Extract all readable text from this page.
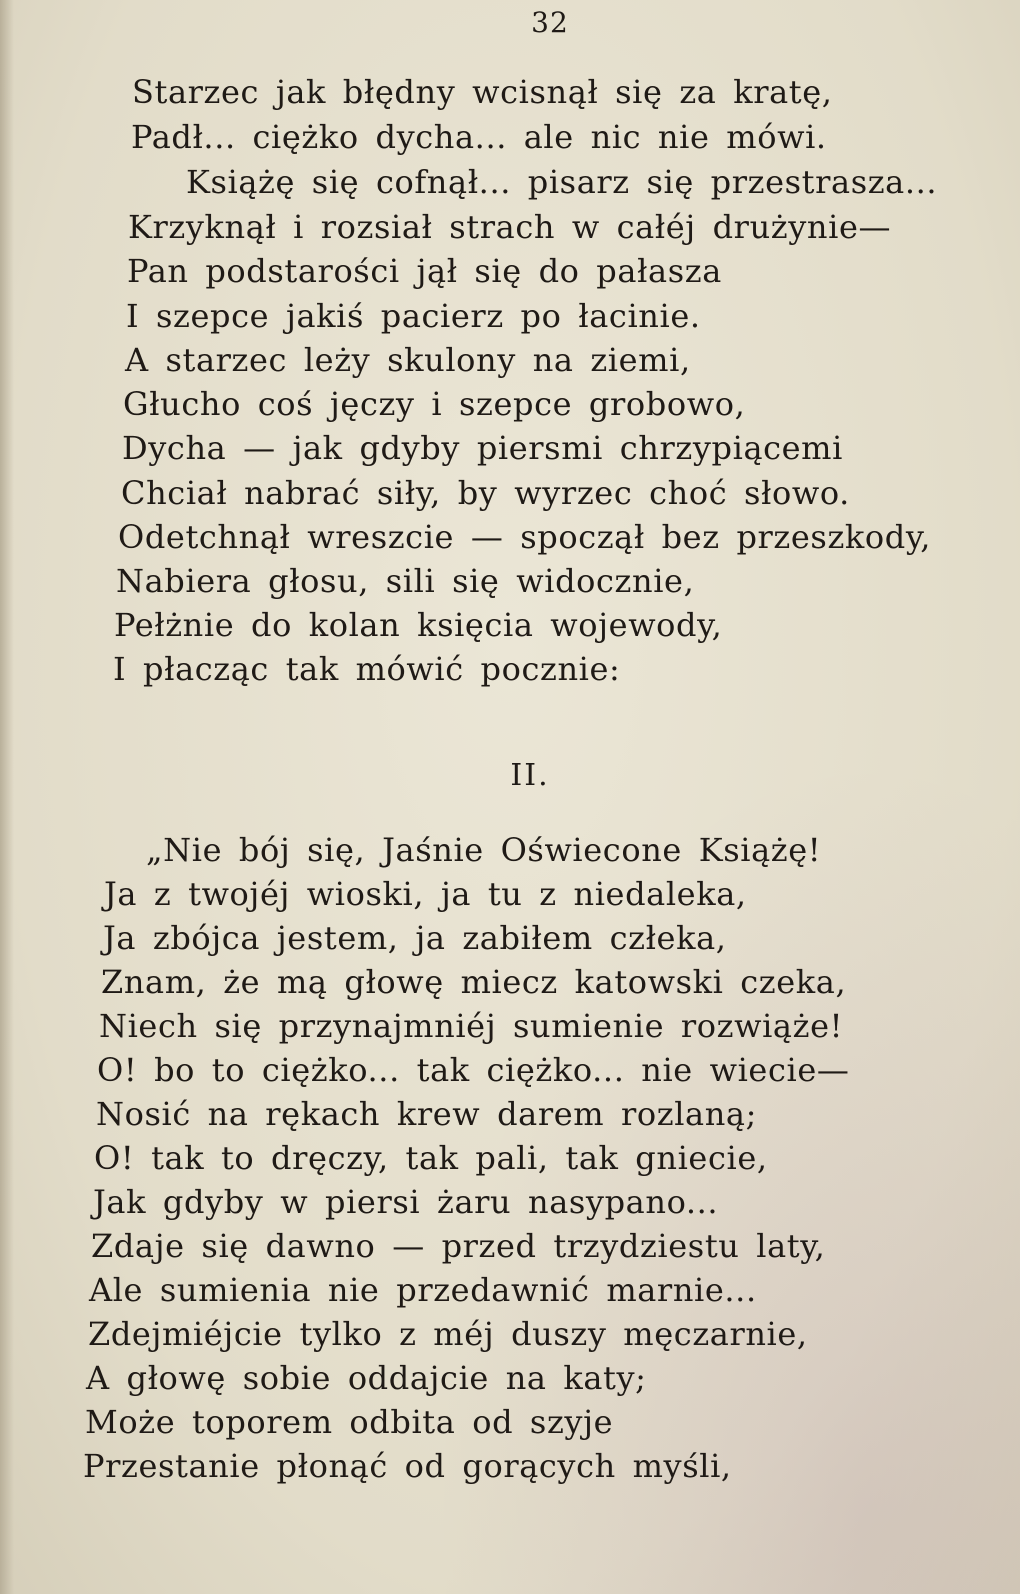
32
Starzec jak błędny wcisnął się za kratę,
Padł... ciężko dycha... ale nic nie mówi.
Książę się cofnął... pisarz się przestrasza...
Krzyknął i rozsiał strach w całéj drużynie—
Pan podstarości jął się do pałasza
I szepce jakiś pacierz po łacinie.
A starzec leży skulony na ziemi,
Głucho coś jęczy i szepce grobowo,
Dycha — jak gdyby piersmi chrzypiącemi
Chciał nabrać siły, by wyrzec choć słowo.
Odetchnął wreszcie — spoczął bez przeszkody,
Nabiera głosu, sili się widocznie,
Pełżnie do kolan księcia wojewody,
I płacząc tak mówić pocznie:
II.
„Nie bój się, Jaśnie Oświecone Książę!
Ja z twojéj wioski, ja tu z niedaleka,
Ja zbójca jestem, ja zabiłem człeka,
Znam, że mą głowę miecz katowski czeka,
Niech się przynajmniéj sumienie rozwiąże!
O! bo to ciężko... tak ciężko... nie wiecie—
Nosić na rękach krew darem rozlaną;
O! tak to dręczy, tak pali, tak gniecie,
Jak gdyby w piersi żaru nasypano...
Zdaje się dawno — przed trzydziestu laty,
Ale sumienia nie przedawnić marnie...
Zdejmiéjcie tylko z méj duszy męczarnie,
A głowę sobie oddajcie na katy;
Może toporem odbita od szyje
Przestanie płonąć od gorących myśli,
